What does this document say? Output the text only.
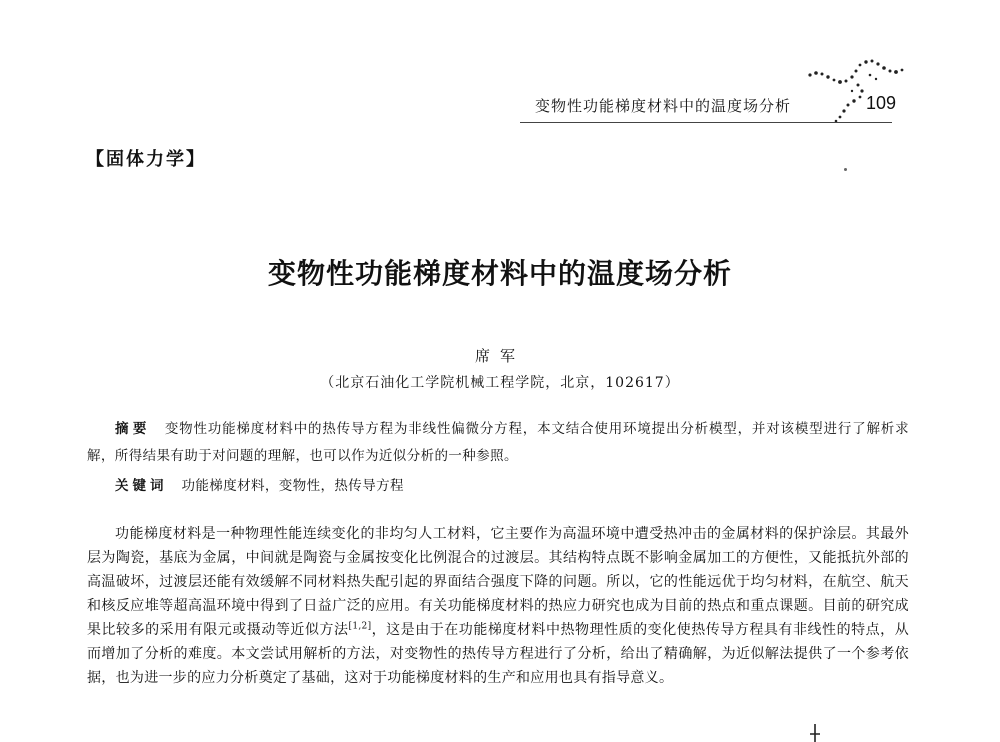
变物性功能梯度材料中的温度场分析	109
【固体力学】
变物性功能梯度材料中的温度场分析
席军
（北京石油化工学院机械工程学院，北京，102617）

摘要 变物性功能梯度材料中的热传导方程为非线性偏微分方程，本文结合使用环境提出分析模型，并对该模型进行了解析求解，所得结果有助于对问题的理解，也可以作为近似分析的一种参照。

关键词 功能梯度材料，变物性，热传导方程

功能梯度材料是一种物理性能连续变化的非均匀人工材料，它主要作为高温环境中遭受热冲击的金属材料的保护涂层。其最外层为陶瓷，基底为金属，中间就是陶瓷与金属按变化比例混合的过渡层。其结构特点既不影响金属加工的方便性，又能抵抗外部的高温破坏，过渡层还能有效缓解不同材料热失配引起的界面结合强度下降的问题。所以，它的性能远优于均匀材料，在航空、航天和核反应堆等超高温环境中得到了日益广泛的应用。有关功能梯度材料的热应力研究也成为目前的热点和重点课题。目前的研究成果比较多的采用有限元或摄动等近似方法[1,2]，这是由于在功能梯度材料中热物理性质的变化使热传导方程具有非线性的特点，从而增加了分析的难度。本文尝试用解析的方法，对变物性的热传导方程进行了分析，给出了精确解，为近似解法提供了一个参考依据，也为进一步的应力分析奠定了基础，这对于功能梯度材料的生产和应用也具有指导意义。
